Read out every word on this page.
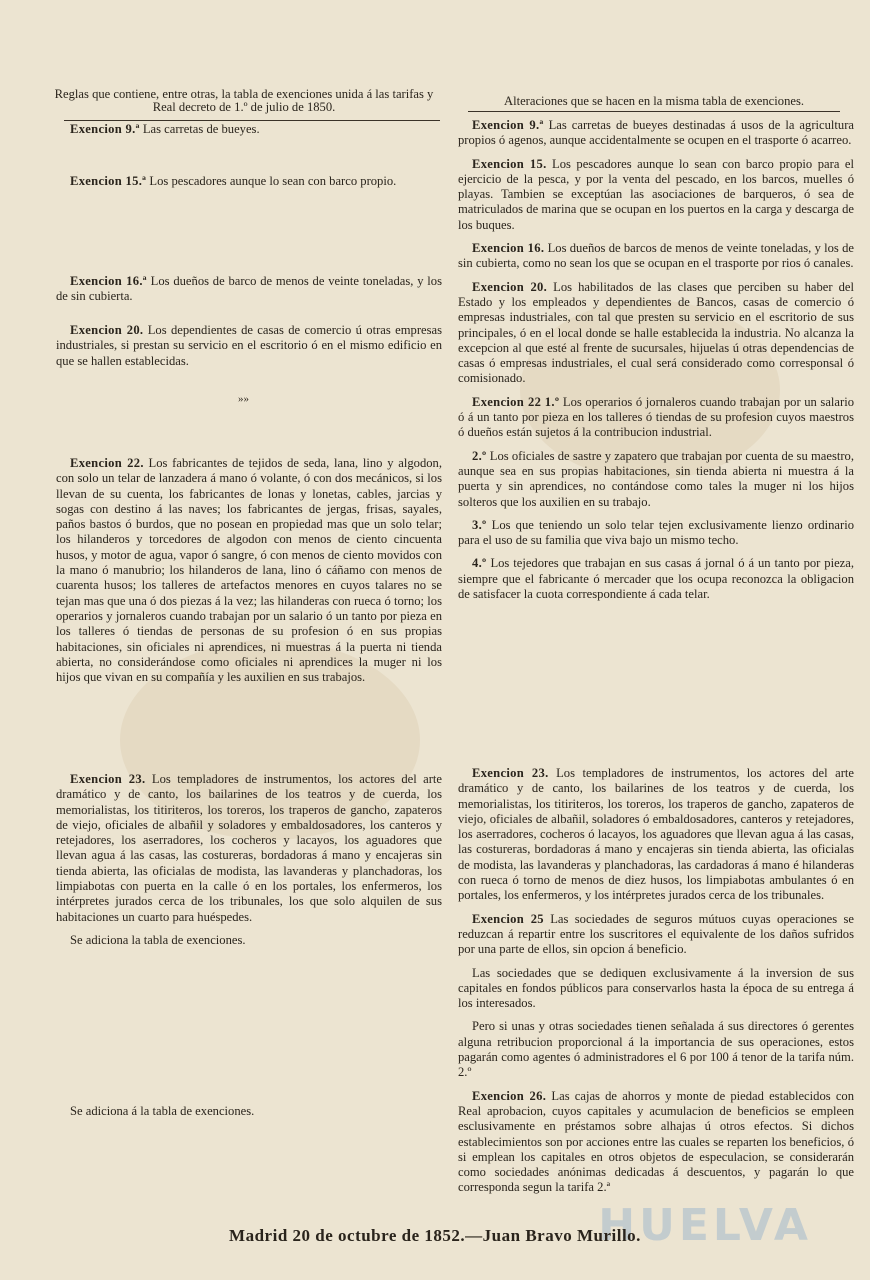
Reglas que contiene, entre otras, la tabla de exenciones unida á las tarifas y Real decreto de 1.º de julio de 1850.	Alteraciones que se hacen en la misma tabla de exenciones.

Exencion 9.ª Las carretas de bueyes.

Exencion 15.ª Los pescadores aunque lo sean con barco propio.

Exencion 16.ª Los dueños de barco de menos de veinte toneladas, y los de sin cubierta.

Exencion 20. Los dependientes de casas de comercio ú otras empresas industriales, si prestan su servicio en el escritorio ó en el mismo edificio en que se hallen establecidas.

»»

Exencion 22. Los fabricantes de tejidos de seda, lana, lino y algodon, con solo un telar de lanzadera á mano ó volante, ó con dos mecánicos, si los llevan de su cuenta, los fabricantes de lonas y lonetas, cables, jarcias y sogas con destino á las naves; los fabricantes de jergas, frisas, sayales, paños bastos ó burdos, que no posean en propiedad mas que un solo telar; los hilanderos y torcedores de algodon con menos de ciento cincuenta husos, y motor de agua, vapor ó sangre, ó con menos de ciento movidos con la mano ó manubrio; los hilanderos de lana, lino ó cáñamo con menos de cuarenta husos; los talleres de artefactos menores en cuyos talares no se tejan mas que una ó dos piezas á la vez; las hilanderas con rueca ó torno; los operarios y jornaleros cuando trabajan por un salario ó un tanto por pieza en los talleres ó tiendas de personas de su profesion ó en sus propias habitaciones, sin oficiales ni aprendices, ni muestras á la puerta ni tienda abierta, no considerándose como oficiales ni aprendices la muger ni los hijos que vivan en su compañía y les auxilien en sus trabajos.

Exencion 23. Los templadores de instrumentos, los actores del arte dramático y de canto, los bailarines de los teatros y de cuerda, los memorialistas, los titiriteros, los toreros, los traperos de gancho, zapateros de viejo, oficiales de albañil y soladores y embaldosadores, los canteros y retejadores, los aserradores, los cocheros y lacayos, los aguadores que llevan agua á las casas, las costureras, bordadoras á mano y encajeras sin tienda abierta, las oficialas de modista, las lavanderas y planchadoras, los limpiabotas con puerta en la calle ó en los portales, los enfermeros, los intérpretes jurados cerca de los tribunales, los que solo alquilen de sus habitaciones un cuarto para huéspedes.

Se adiciona la tabla de exenciones.

Se adiciona á la tabla de exenciones.

Exencion 9.ª Las carretas de bueyes destinadas á usos de la agricultura propios ó agenos, aunque accidentalmente se ocupen en el trasporte ó acarreo.

Exencion 15. Los pescadores aunque lo sean con barco propio para el ejercicio de la pesca, y por la venta del pescado, en los barcos, muelles ó playas. Tambien se exceptúan las asociaciones de barqueros, ó sea de matriculados de marina que se ocupan en los puertos en la carga y descarga de los buques.

Exencion 16. Los dueños de barcos de menos de veinte toneladas, y los de sin cubierta, como no sean los que se ocupan en el trasporte por rios ó canales.

Exencion 20. Los habilitados de las clases que perciben su haber del Estado y los empleados y dependientes de Bancos, casas de comercio ó empresas industriales, con tal que presten su servicio en el escritorio de sus principales, ó en el local donde se halle establecida la industria. No alcanza la excepcion al que esté al frente de sucursales, hijuelas ú otras dependencias de casas ó empresas industriales, el cual será considerado como corresponsal ó comisionado.

Exencion 22 1.º Los operarios ó jornaleros cuando trabajan por un salario ó á un tanto por pieza en los talleres ó tiendas de su profesion cuyos maestros ó dueños están sujetos á la contribucion industrial.

2.º Los oficiales de sastre y zapatero que trabajan por cuenta de su maestro, aunque sea en sus propias habitaciones, sin tienda abierta ni muestra á la puerta y sin aprendices, no contándose como tales la muger ni los hijos solteros que los auxilien en su trabajo.

3.º Los que teniendo un solo telar tejen exclusivamente lienzo ordinario para el uso de su familia que viva bajo un mismo techo.

4.º Los tejedores que trabajan en sus casas á jornal ó á un tanto por pieza, siempre que el fabricante ó mercader que los ocupa reconozca la obligacion de satisfacer la cuota correspondiente á cada telar.

Exencion 23. Los templadores de instrumentos, los actores del arte dramático y de canto, los bailarines de los teatros y de cuerda, los memorialistas, los titiriteros, los toreros, los traperos de gancho, zapateros de viejo, oficiales de albañil, soladores ó embaldosadores, canteros y retejadores, los aserradores, cocheros ó lacayos, los aguadores que llevan agua á las casas, las costureras, bordadoras á mano y encajeras sin tienda abierta, las oficialas de modista, las lavanderas y planchadoras, las cardadoras á mano é hilanderas con rueca ó torno de menos de diez husos, los limpiabotas ambulantes ó en portales, los enfermeros, y los intérpretes jurados cerca de los tribunales.

Exencion 25 Las sociedades de seguros mútuos cuyas operaciones se reduzcan á repartir entre los suscritores el equivalente de los daños sufridos por una parte de ellos, sin opcion á beneficio.

Las sociedades que se dediquen exclusivamente á la inversion de sus capitales en fondos públicos para conservarlos hasta la época de su entrega á los interesados.

Pero si unas y otras sociedades tienen señalada á sus directores ó gerentes alguna retribucion proporcional á la importancia de sus operaciones, estos pagarán como agentes ó administradores el 6 por 100 á tenor de la tarifa núm. 2.º

Exencion 26. Las cajas de ahorros y monte de piedad establecidos con Real aprobacion, cuyos capitales y acumulacion de beneficios se empleen esclusivamente en préstamos sobre alhajas ú otros efectos. Si dichos establecimientos son por acciones entre las cuales se reparten los beneficios, ó si emplean los capitales en otros objetos de especulacion, se considerarán como sociedades anónimas dedicadas á descuentos, y pagarán lo que corresponda segun la tarifa 2.ª

HUELVA
Madrid 20 de octubre de 1852.—Juan Bravo Murillo.
